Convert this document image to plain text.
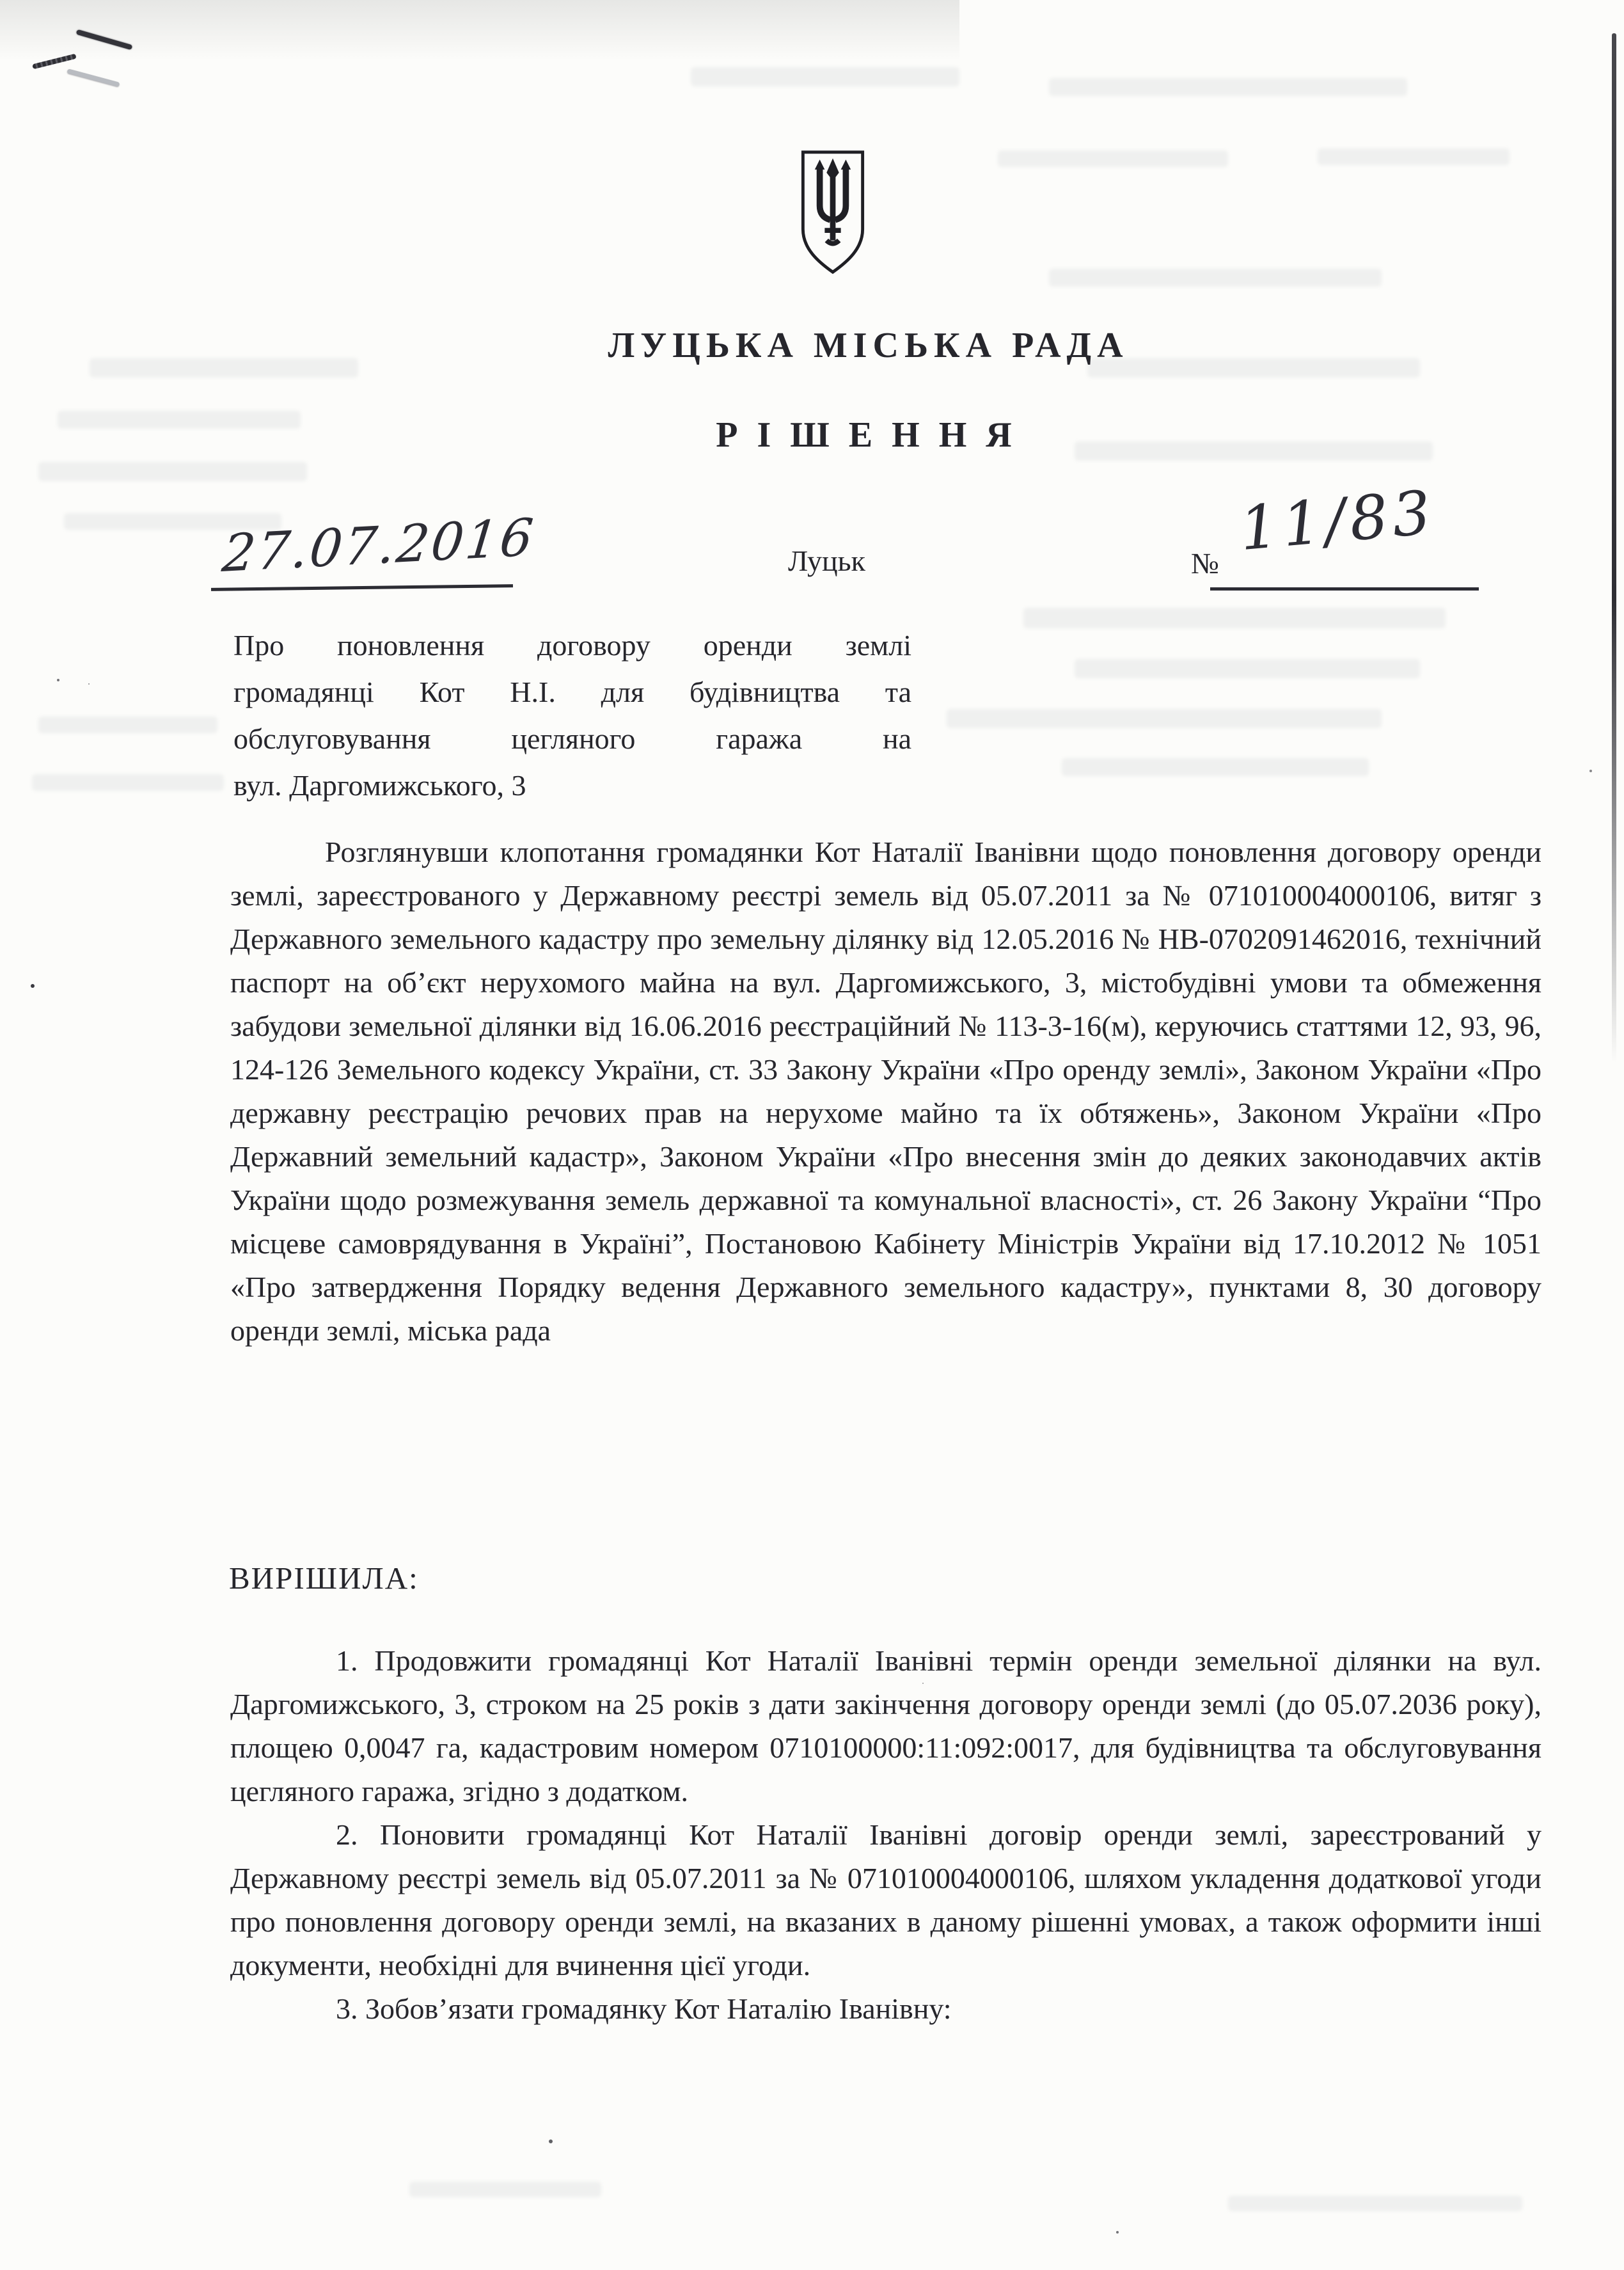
ЛУЦЬКА МІСЬКА РАДА
РІШЕННЯ
27.07.2016	Луцьк	№ 11/83
Про поновлення договору оренди землі
громадянці Кот Н.І. для будівництва та
обслуговування цегляного гаража на
вул. Даргомижського, 3

Розглянувши клопотання громадянки Кот Наталії Іванівни щодо поновлення договору оренди землі, зареєстрованого у Державному реєстрі земель від 05.07.2011 за № 071010004000106, витяг з Державного земельного кадастру про земельну ділянку від 12.05.2016 № НВ-0702091462016, технічний паспорт на об’єкт нерухомого майна на вул. Даргомижського, 3, містобудівні умови та обмеження забудови земельної ділянки від 16.06.2016 реєстраційний № 113-3-16(м), керуючись статтями 12, 93, 96, 124-126 Земельного кодексу України, ст. 33 Закону України «Про оренду землі», Законом України «Про державну реєстрацію речових прав на нерухоме майно та їх обтяжень», Законом України «Про Державний земельний кадастр», Законом України «Про внесення змін до деяких законодавчих актів України щодо розмежування земель державної та комунальної власності», ст. 26 Закону України “Про місцеве самоврядування в Україні”, Постановою Кабінету Міністрів України від 17.10.2012 № 1051 «Про затвердження Порядку ведення Державного земельного кадастру», пунктами 8, 30 договору оренди землі, міська рада

ВИРІШИЛА:

1. Продовжити громадянці Кот Наталії Іванівні термін оренди земельної ділянки на вул. Даргомижського, 3, строком на 25 років з дати закінчення договору оренди землі (до 05.07.2036 року), площею 0,0047 га, кадастровим номером 0710100000:11:092:0017, для будівництва та обслуговування цегляного гаража, згідно з додатком.

2. Поновити громадянці Кот Наталії Іванівні договір оренди землі, зареєстрований у Державному реєстрі земель від 05.07.2011 за № 071010004000106, шляхом укладення додаткової угоди про поновлення договору оренди землі, на вказаних в даному рішенні умовах, а також оформити інші документи, необхідні для вчинення цієї угоди.

3. Зобов’язати громадянку Кот Наталію Іванівну:
